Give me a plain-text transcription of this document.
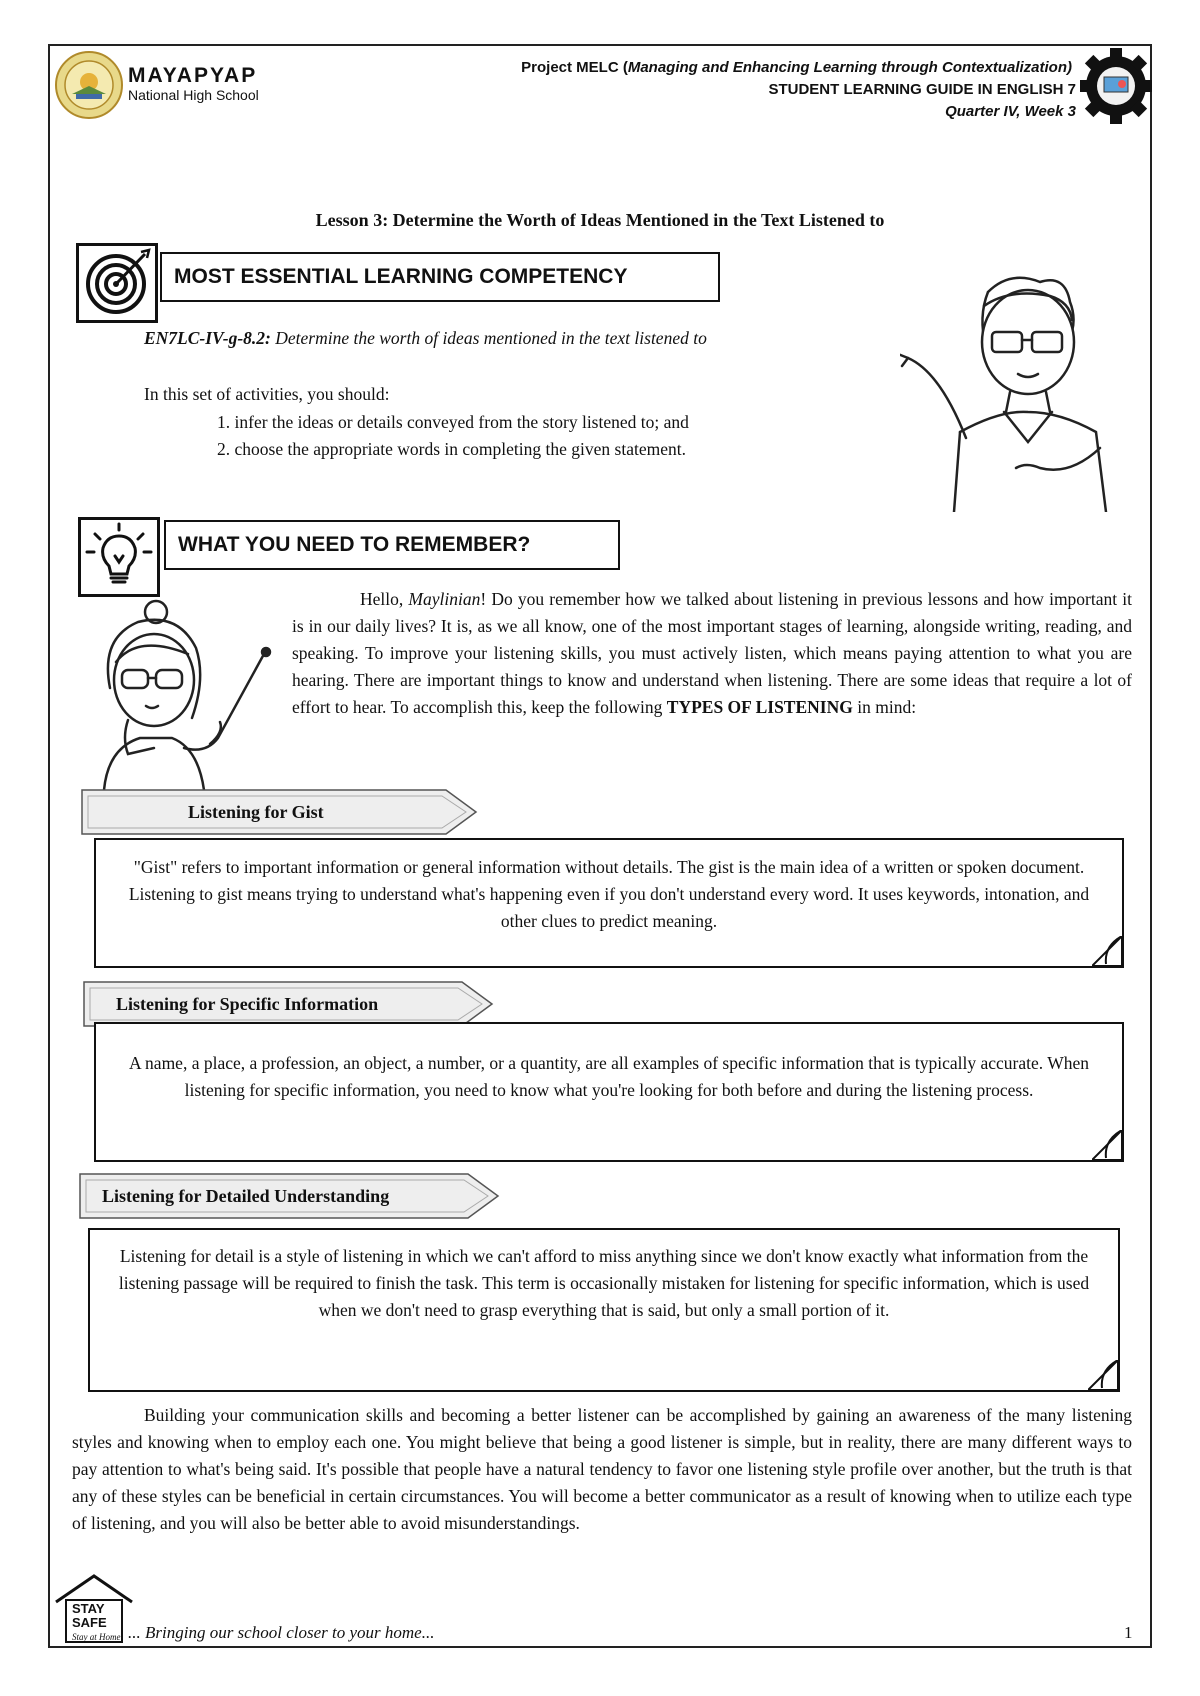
MAYAPYAP
National High School
Project MELC (Managing and Enhancing Learning through Contextualization)
STUDENT LEARNING GUIDE IN ENGLISH 7
Quarter IV, Week 3
Lesson 3: Determine the Worth of Ideas Mentioned in the Text Listened to
MOST ESSENTIAL LEARNING COMPETENCY
EN7LC-IV-g-8.2: Determine the worth of ideas mentioned in the text listened to
In this set of activities, you should:
1. infer the ideas or details conveyed from the story listened to; and
2. choose the appropriate words in completing the given statement.
WHAT YOU NEED TO REMEMBER?
Hello, Maylinian! Do you remember how we talked about listening in previous lessons and how important it is in our daily lives? It is, as we all know, one of the most important stages of learning, alongside writing, reading, and speaking. To improve your listening skills, you must actively listen, which means paying attention to what you are hearing. There are important things to know and understand when listening. There are some ideas that require a lot of effort to hear. To accomplish this, keep the following TYPES OF LISTENING in mind:
Listening for Gist
"Gist" refers to important information or general information without details. The gist is the main idea of a written or spoken document. Listening to gist means trying to understand what's happening even if you don't understand every word. It uses keywords, intonation, and other clues to predict meaning.
Listening for Specific Information
A name, a place, a profession, an object, a number, or a quantity, are all examples of specific information that is typically accurate. When listening for specific information, you need to know what you're looking for both before and during the listening process.
Listening for Detailed Understanding
Listening for detail is a style of listening in which we can't afford to miss anything since we don't know exactly what information from the listening passage will be required to finish the task. This term is occasionally mistaken for listening for specific information, which is used when we don't need to grasp everything that is said, but only a small portion of it.
Building your communication skills and becoming a better listener can be accomplished by gaining an awareness of the many listening styles and knowing when to employ each one. You might believe that being a good listener is simple, but in reality, there are many different ways to pay attention to what's being said. It's possible that people have a natural tendency to favor one listening style profile over another, but the truth is that any of these styles can be beneficial in certain circumstances. You will become a better communicator as a result of knowing when to utilize each type of listening, and you will also be better able to avoid misunderstandings.
STAY
SAFE
Stay at Home ... Bringing our school closer to your home...	1
